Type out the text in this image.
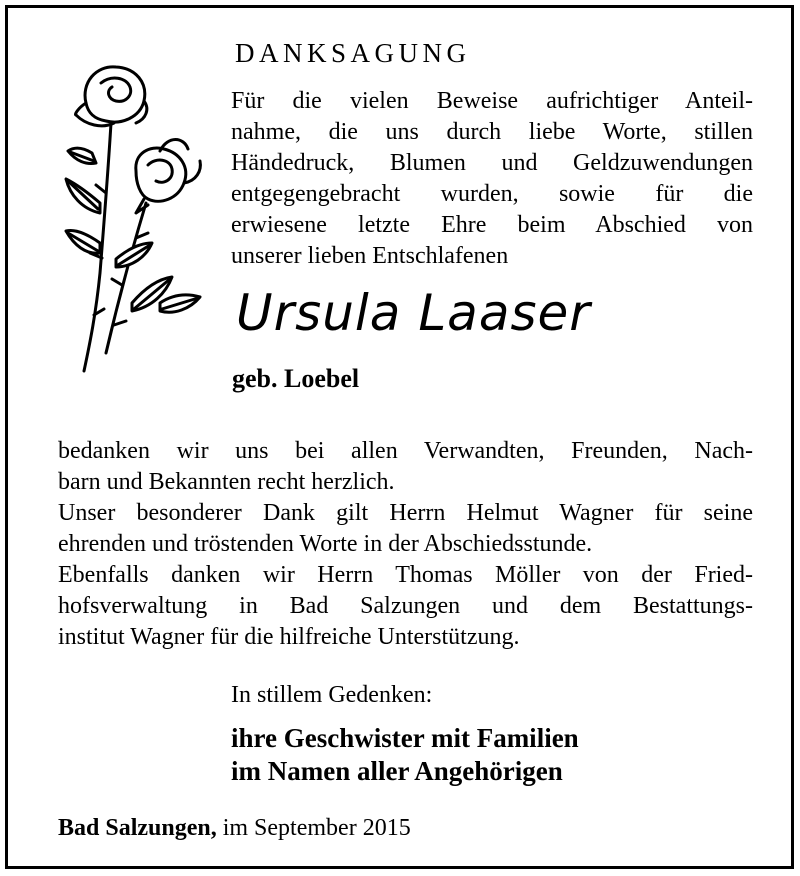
DANKSAGUNG
Für die vielen Beweise aufrichtiger Anteil-
nahme, die uns durch liebe Worte, stillen
Händedruck, Blumen und Geldzuwendungen
entgegengebracht wurden, sowie für die
erwiesene letzte Ehre beim Abschied von
unserer lieben Entschlafenen
Ursula Laaser
geb. Loebel
bedanken wir uns bei allen Verwandten, Freunden, Nach-
barn und Bekannten recht herzlich.
Unser besonderer Dank gilt Herrn Helmut Wagner für seine
ehrenden und tröstenden Worte in der Abschiedsstunde.
Ebenfalls danken wir Herrn Thomas Möller von der Fried-
hofsverwaltung in Bad Salzungen und dem Bestattungs-
institut Wagner für die hilfreiche Unterstützung.
In stillem Gedenken:
ihre Geschwister mit Familien
im Namen aller Angehörigen
Bad Salzungen, im September 2015
